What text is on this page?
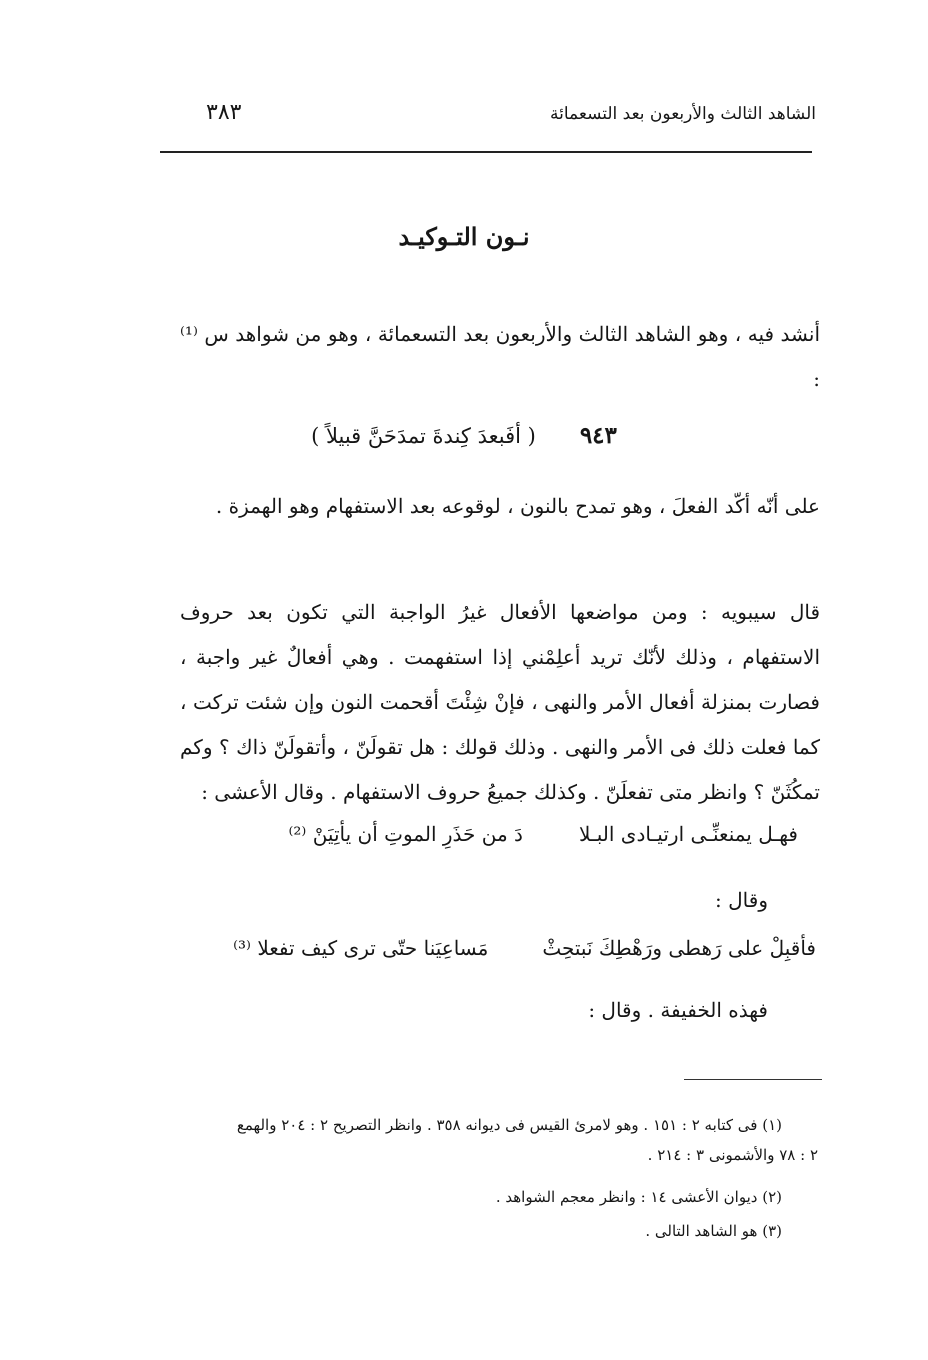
الشاهد الثالث والأربعون بعد التسعمائة
٣٨٣
نـون التـوكيـد
أنشد فيه ، وهو الشاهد الثالث والأربعون بعد التسعمائة ، وهو من شواهد س ⁽¹⁾ :
٩٤٣( أفَبعدَ كِندةَ تمدَحَنَّ قبيلاً )
على أنّه أكّد الفعلَ ، وهو تمدح بالنون ، لوقوعه بعد الاستفهام وهو الهمزة .
قال سيبويه : ومن مواضعها الأفعال غيرُ الواجبة التي تكون بعد حروف الاستفهام ، وذلك لأنّك تريد أعلِمْني إذا استفهمت . وهي أفعالٌ غير واجبة ، فصارت بمنزلة أفعال الأمر والنهى ، فإنْ شِئْتَ أقحمت النون وإن شئت تركت ، كما فعلت ذلك فى الأمر والنهى . وذلك قولك : هل تقولَنّ ، وأتقولَنّ ذاك ؟ وكم تمكُثَنّ ؟ وانظر متى تفعلَنّ . وكذلك جميعُ حروف الاستفهام . وقال الأعشى :
فهـل يمنعنِّـى ارتيـادى البـلادَ من حَذَرِ الموتِ أن يأتِيَنْ ⁽²⁾
وقال :
فأقبِلْ على رَهطى ورَهْطِكَ نَبتحِثْمَساعِيَنا حتّى ترى كيف تفعلا ⁽³⁾
فهذه الخفيفة . وقال :
(١) فى كتابه ٢ : ١٥١ . وهو لامرئ القيس فى ديوانه ٣٥٨ . وانظر التصريح ٢ : ٢٠٤ والهمع
٢ : ٧٨ والأشمونى ٣ : ٢١٤ .
(٢) ديوان الأعشى ١٤ : وانظر معجم الشواهد .
(٣) هو الشاهد التالى .
